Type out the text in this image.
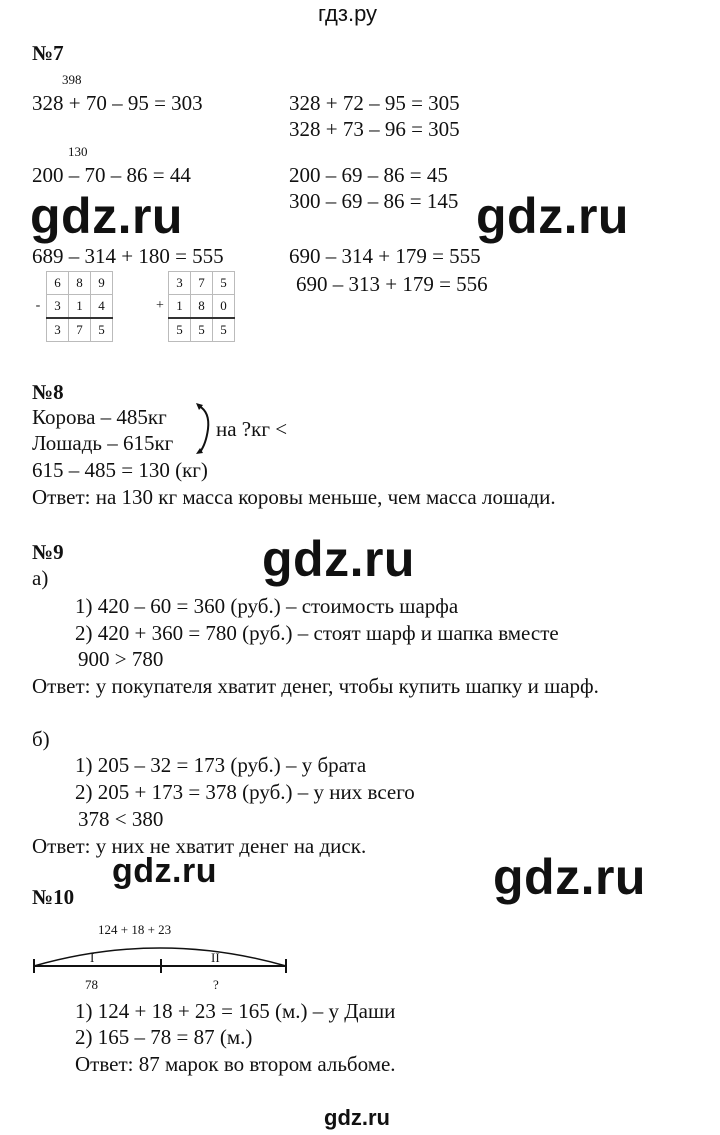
гдз.ру
№7
398
328 + 70 – 95 = 303	328 + 72 – 95 = 305
328 + 73 – 96 = 305
130
200 – 70 – 86 = 44	200 – 69 – 86 = 45
300 – 69 – 86 = 145
689 – 314 + 180 = 555	690 – 314 + 179 = 555
690 – 313 + 179 = 556
	6	8	9
-	3	1	4
	3	7	5
	3	7	5
+	1	8	0
	5	5	5
gdz.ru	gdz.ru
gdz.ru
gdz.ru	gdz.ru
№8
Корова – 485кг
Лошадь – 615кг
на ?кг <
615 – 485 = 130 (кг)
Ответ: на 130 кг масса коровы меньше, чем масса лошади.
№9
а)
1) 420 – 60 = 360 (руб.) – стоимость шарфа
2) 420 + 360 = 780 (руб.) – стоят шарф и шапка вместе
900 > 780
Ответ: у покупателя хватит денег, чтобы купить шапку и шарф.
б)
1) 205 – 32 = 173 (руб.) – у брата
2) 205 + 173 = 378 (руб.) – у них всего
378 < 380
Ответ: у них не хватит денег на диск.
№10
124 + 18 + 23
I	II
78	?
1) 124 + 18 + 23 = 165 (м.) – у Даши
2) 165 – 78 = 87 (м.)
Ответ: 87 марок во втором альбоме.
gdz.ru
